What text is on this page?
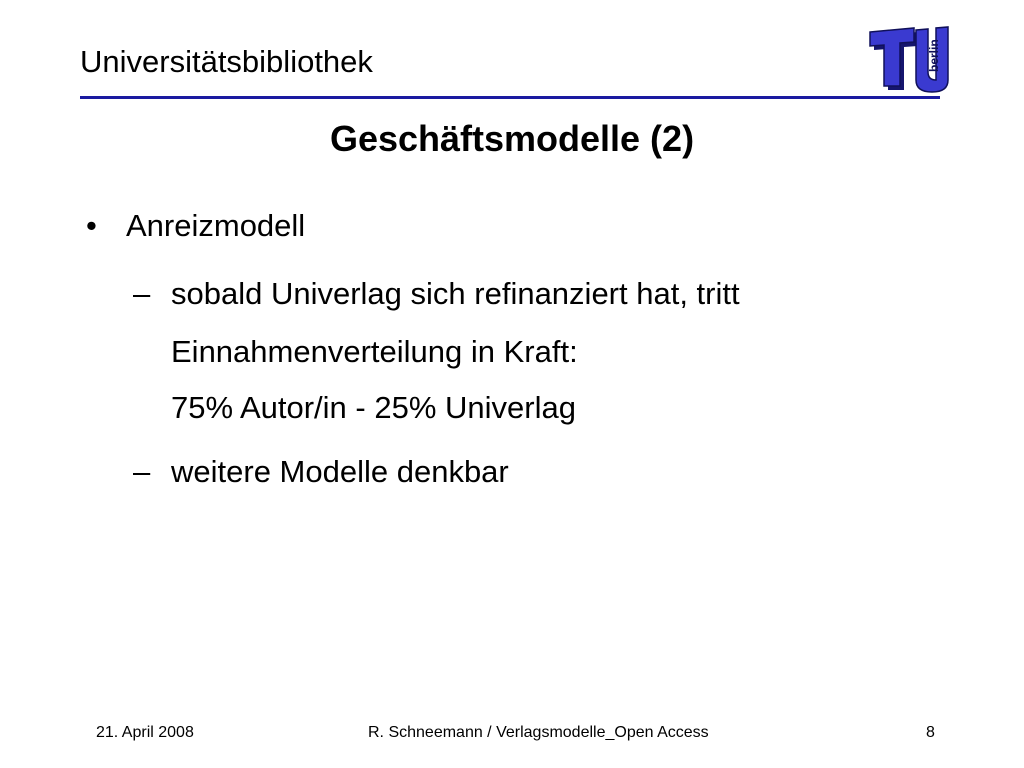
Universitätsbibliothek	berlin
Geschäftsmodelle (2)
• Anreizmodell
– sobald Univerlag sich refinanziert hat, tritt
Einnahmenverteilung in Kraft:
75% Autor/in - 25% Univerlag
– weitere Modelle denkbar
21. April 2008	R. Schneemann / Verlagsmodelle_Open Access	8
